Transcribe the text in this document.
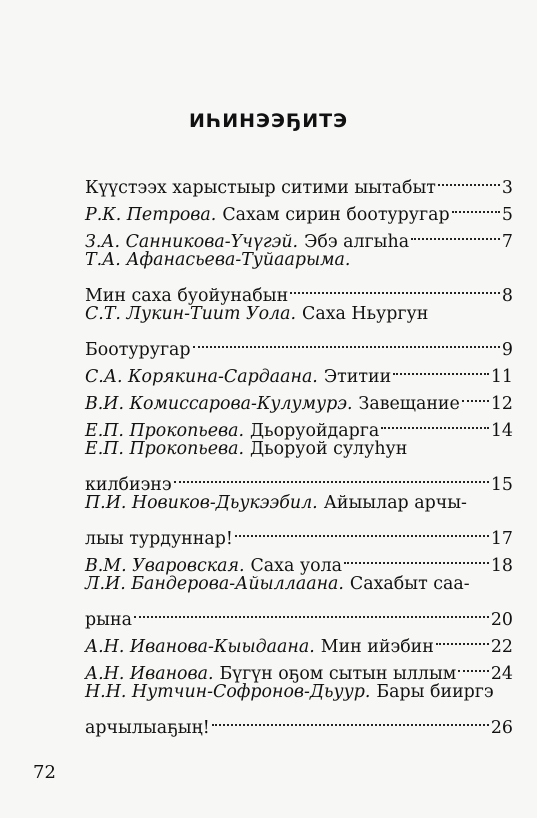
ИҺИНЭЭҔИТЭ
Күүстээх харыстыыр ситими ыытабыт	3
Р.К. Петрова. Сахам сирин боотуругар	5
З.А. Санникова-Үчүгэй. Эбэ алгыһа	7
Т.А. Афанасьева-Туйаарыма.
Мин саха буойунабын	8
С.Т. Лукин-Тиит Уола. Саха Ньургун
Боотуругар	9
С.А. Корякина-Сардаана. Этитии	11
В.И. Комиссарова-Кулумурэ. Завещание 12
Е.П. Прокопьева. Дьоруойдарга	14
Е.П. Прокопьева. Дьоруой сулуһун
килбиэнэ	15
П.И. Новиков-Дьукээбил. Айыылар арчы-
лыы турдуннар!	17
В.М. Уваровская. Саха уола	18
Л.И. Бандерова-Айыллаана. Сахабыт саа-
рына	20
А.Н. Иванова-Кыыдаана. Мин ийэбин	22
А.Н. Иванова. Бүгүн оҕом сытын ыллым 24
Н.Н. Нутчин-Софронов-Дьуур. Бары бииргэ
арчылыаҕың!	26
72
